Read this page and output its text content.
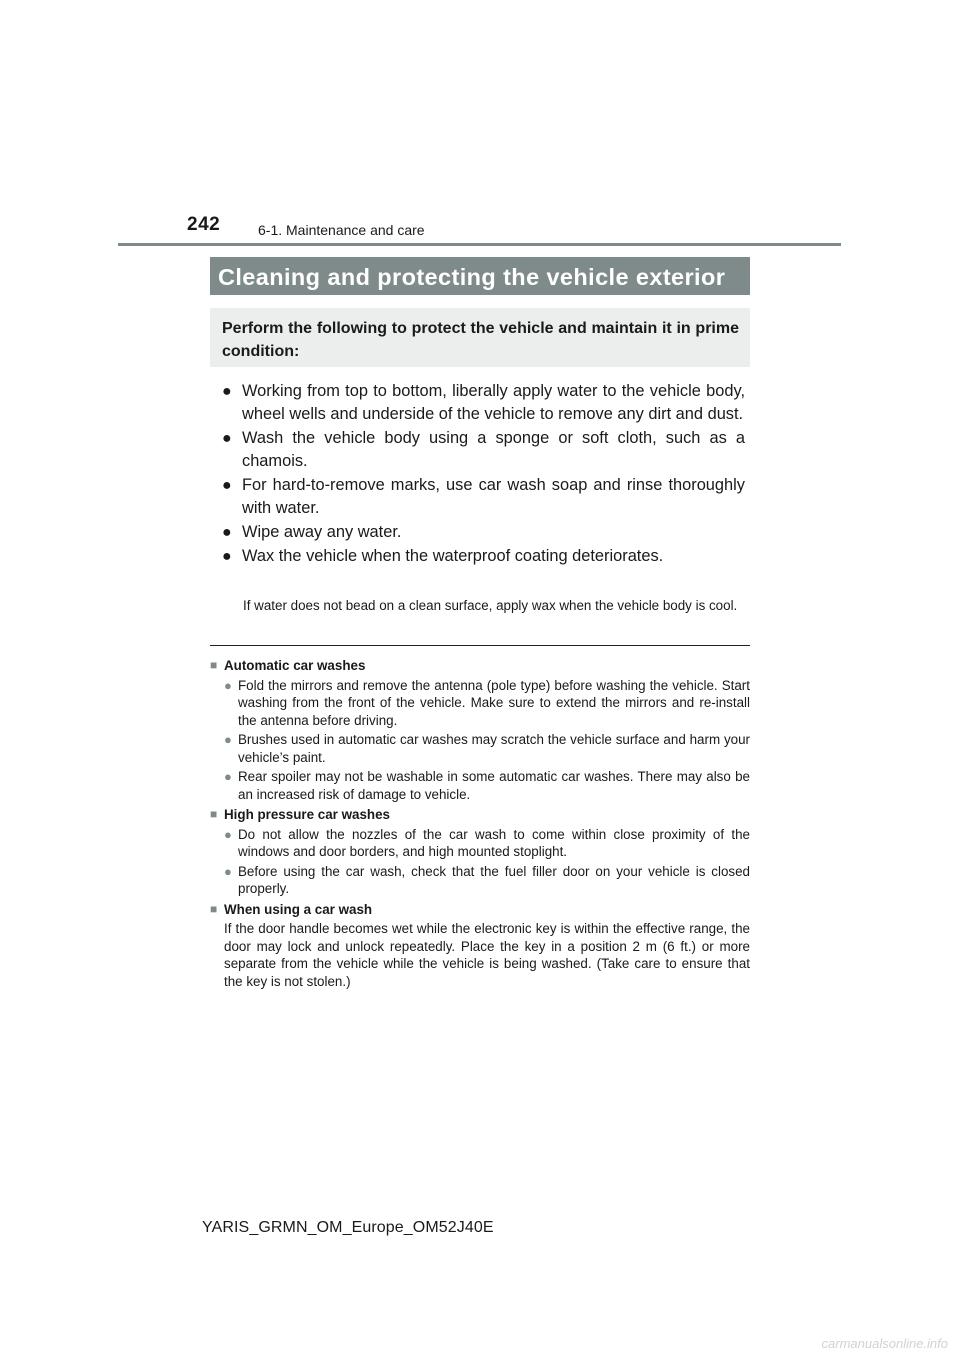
242	6-1. Maintenance and care
Cleaning and protecting the vehicle exterior

Perform the following to protect the vehicle and maintain it in prime condition:

● Working from top to bottom, liberally apply water to the vehicle body, wheel wells and underside of the vehicle to remove any dirt and dust.
● Wash the vehicle body using a sponge or soft cloth, such as a chamois.
● For hard-to-remove marks, use car wash soap and rinse thoroughly with water.
● Wipe away any water.
● Wax the vehicle when the waterproof coating deteriorates.

If water does not bead on a clean surface, apply wax when the vehicle body is cool.

■ Automatic car washes
● Fold the mirrors and remove the antenna (pole type) before washing the vehicle. Start washing from the front of the vehicle. Make sure to extend the mirrors and re-install the antenna before driving.
● Brushes used in automatic car washes may scratch the vehicle surface and harm your vehicle’s paint.
● Rear spoiler may not be washable in some automatic car washes. There may also be an increased risk of damage to vehicle.
■ High pressure car washes
● Do not allow the nozzles of the car wash to come within close proximity of the windows and door borders, and high mounted stoplight.
● Before using the car wash, check that the fuel filler door on your vehicle is closed properly.
■ When using a car wash
If the door handle becomes wet while the electronic key is within the effective range, the door may lock and unlock repeatedly. Place the key in a position 2 m (6 ft.) or more separate from the vehicle while the vehicle is being washed. (Take care to ensure that the key is not stolen.)
YARIS_GRMN_OM_Europe_OM52J40E
carmanualsonline.info
